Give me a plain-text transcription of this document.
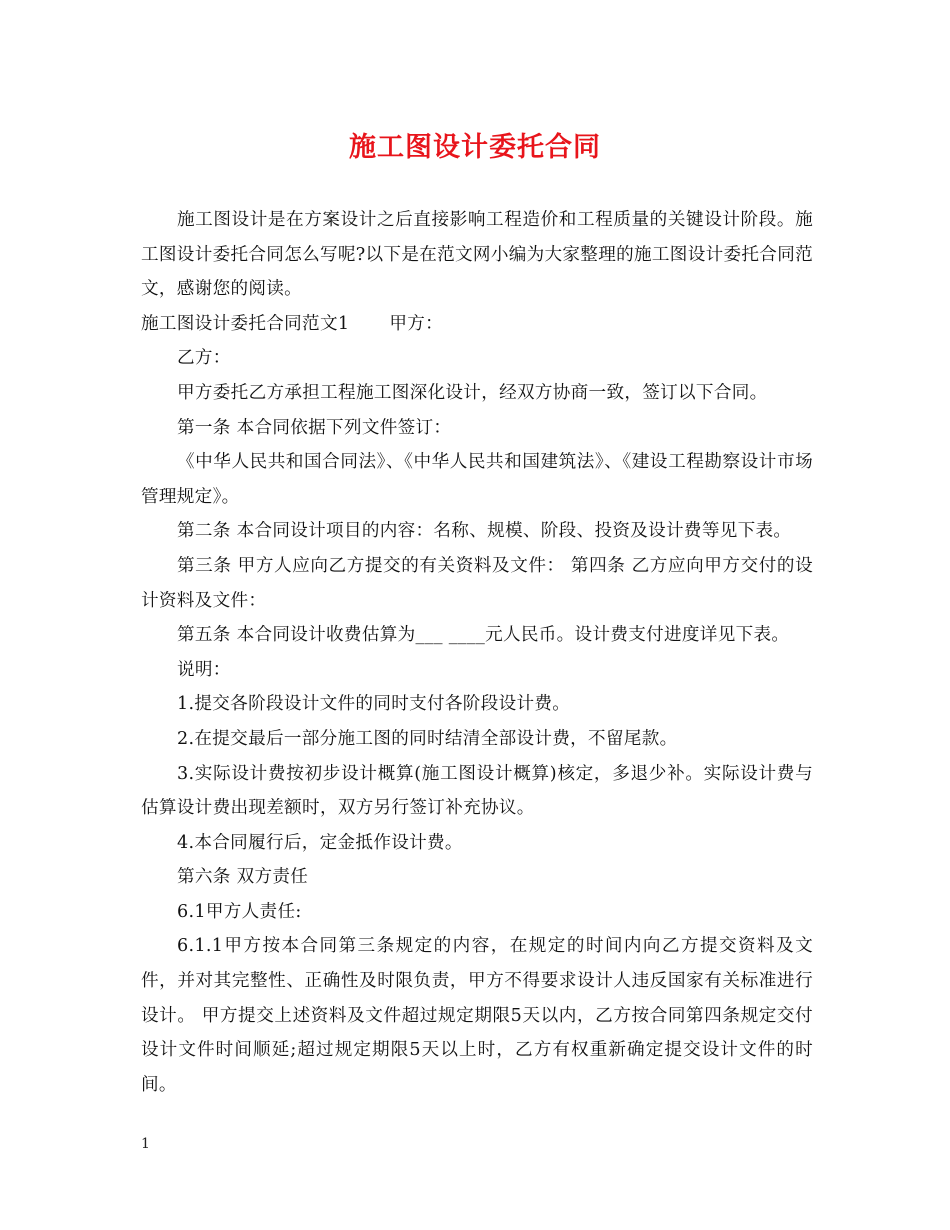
施工图设计委托合同

施工图设计是在方案设计之后直接影响工程造价和工程质量的关键设计阶段。施工图设计委托合同怎么写呢?以下是在范文网小编为大家整理的施工图设计委托合同范文，感谢您的阅读。

施工图设计委托合同范文1 甲方：

乙方：

甲方委托乙方承担工程施工图深化设计，经双方协商一致，签订以下合同。

第一条 本合同依据下列文件签订：

《中华人民共和国合同法》、《中华人民共和国建筑法》、《建设工程勘察设计市场管理规定》。

第二条 本合同设计项目的内容：名称、规模、阶段、投资及设计费等见下表。

第三条 甲方人应向乙方提交的有关资料及文件： 第四条 乙方应向甲方交付的设计资料及文件：

第五条 本合同设计收费估算为___ ____元人民币。设计费支付进度详见下表。

说明：

1.提交各阶段设计文件的同时支付各阶段设计费。

2.在提交最后一部分施工图的同时结清全部设计费，不留尾款。

3.实际设计费按初步设计概算(施工图设计概算)核定，多退少补。实际设计费与估算设计费出现差额时，双方另行签订补充协议。

4.本合同履行后，定金抵作设计费。

第六条 双方责任

6.1甲方人责任:

6.1.1甲方按本合同第三条规定的内容，在规定的时间内向乙方提交资料及文件，并对其完整性、正确性及时限负责，甲方不得要求设计人违反国家有关标准进行设计。 甲方提交上述资料及文件超过规定期限5天以内，乙方按合同第四条规定交付设计文件时间顺延;超过规定期限5天以上时，乙方有权重新确定提交设计文件的时间。

1
